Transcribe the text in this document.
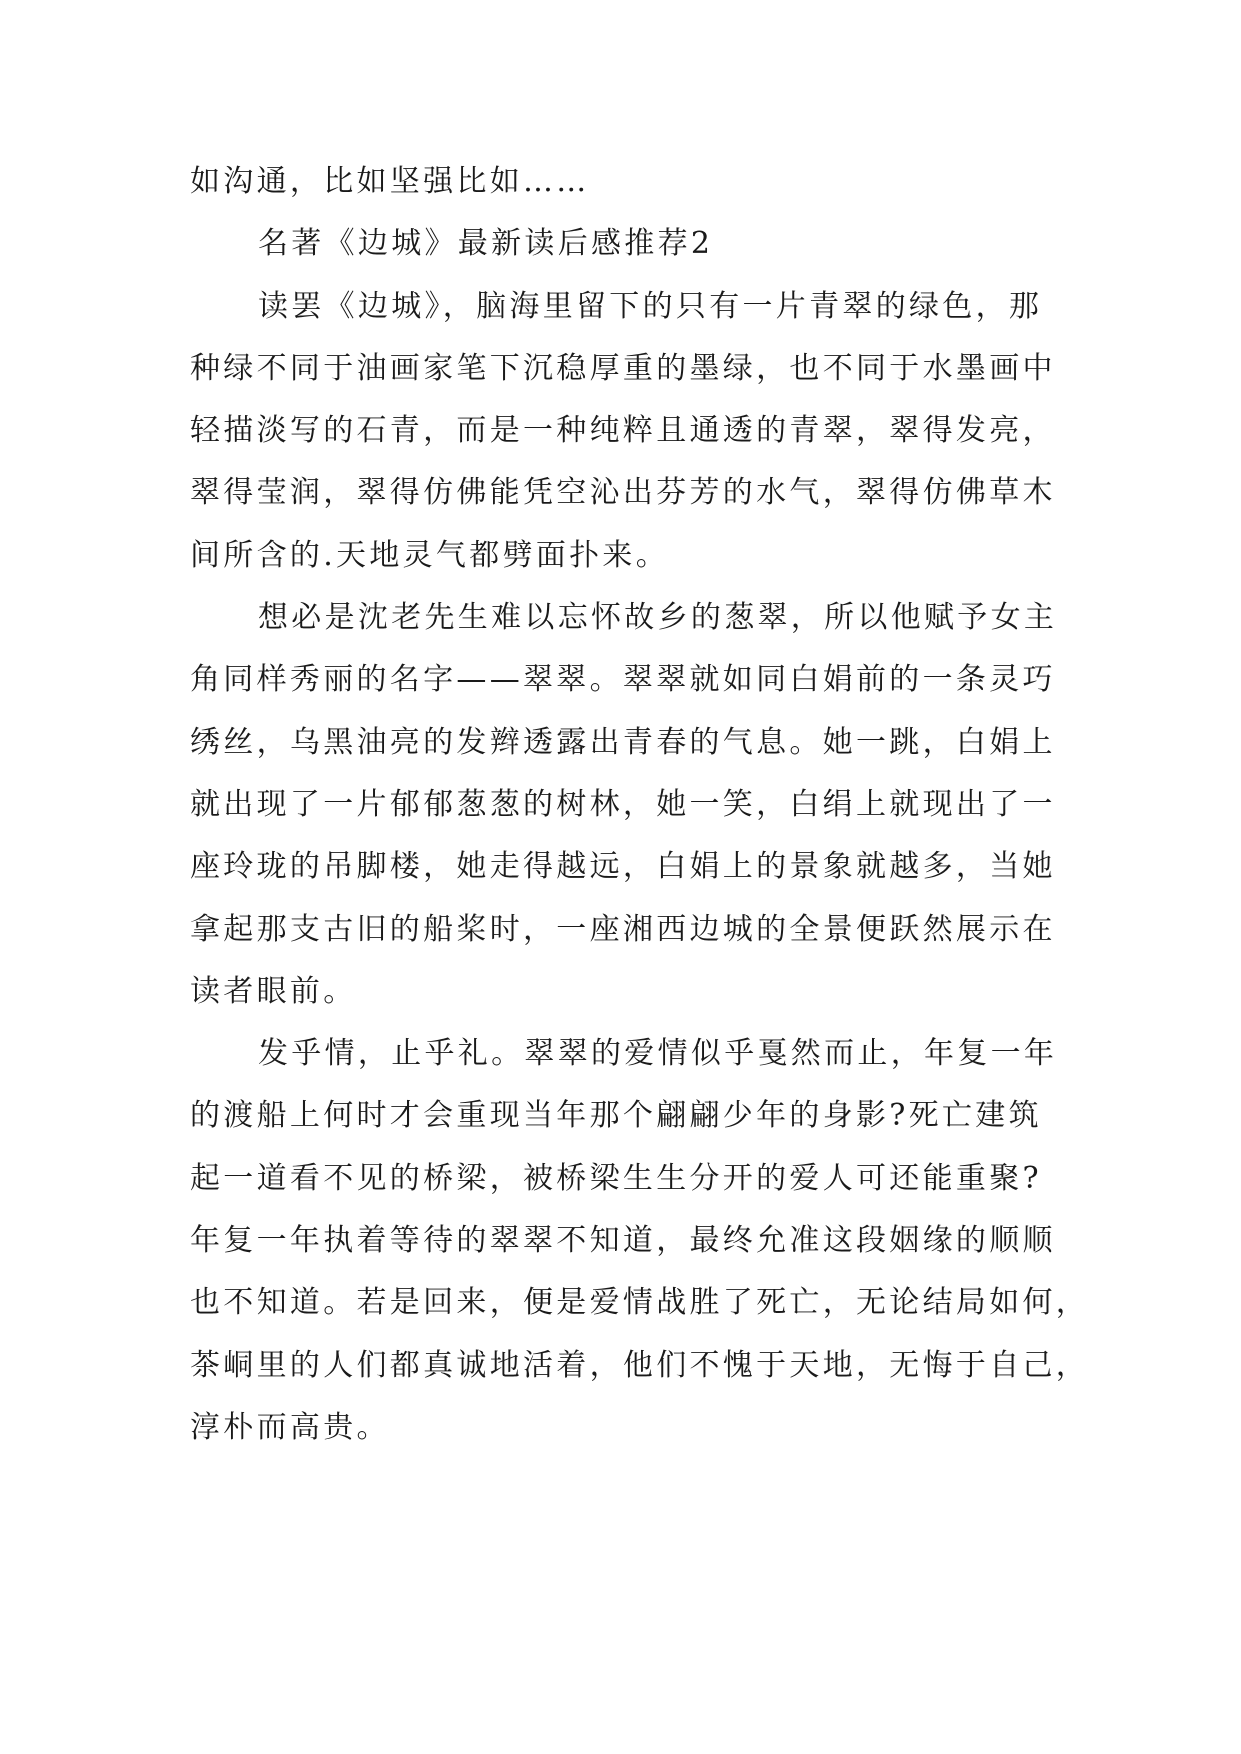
如沟通，比如坚强比如……
名著《边城》最新读后感推荐2
读罢《边城》，脑海里留下的只有一片青翠的绿色，那
种绿不同于油画家笔下沉稳厚重的墨绿，也不同于水墨画中
轻描淡写的石青，而是一种纯粹且通透的青翠，翠得发亮，
翠得莹润，翠得仿佛能凭空沁出芬芳的水气，翠得仿佛草木
间所含的.天地灵气都劈面扑来。
想必是沈老先生难以忘怀故乡的葱翠，所以他赋予女主
角同样秀丽的名字——翠翠。翠翠就如同白娟前的一条灵巧
绣丝，乌黑油亮的发辫透露出青春的气息。她一跳，白娟上
就出现了一片郁郁葱葱的树林，她一笑，白绢上就现出了一
座玲珑的吊脚楼，她走得越远，白娟上的景象就越多，当她
拿起那支古旧的船桨时，一座湘西边城的全景便跃然展示在
读者眼前。
发乎情，止乎礼。翠翠的爱情似乎戛然而止，年复一年
的渡船上何时才会重现当年那个翩翩少年的身影?死亡建筑
起一道看不见的桥梁，被桥梁生生分开的爱人可还能重聚?
年复一年执着等待的翠翠不知道，最终允准这段姻缘的顺顺
也不知道。若是回来，便是爱情战胜了死亡，无论结局如何，
茶峒里的人们都真诚地活着，他们不愧于天地，无悔于自己，
淳朴而高贵。
